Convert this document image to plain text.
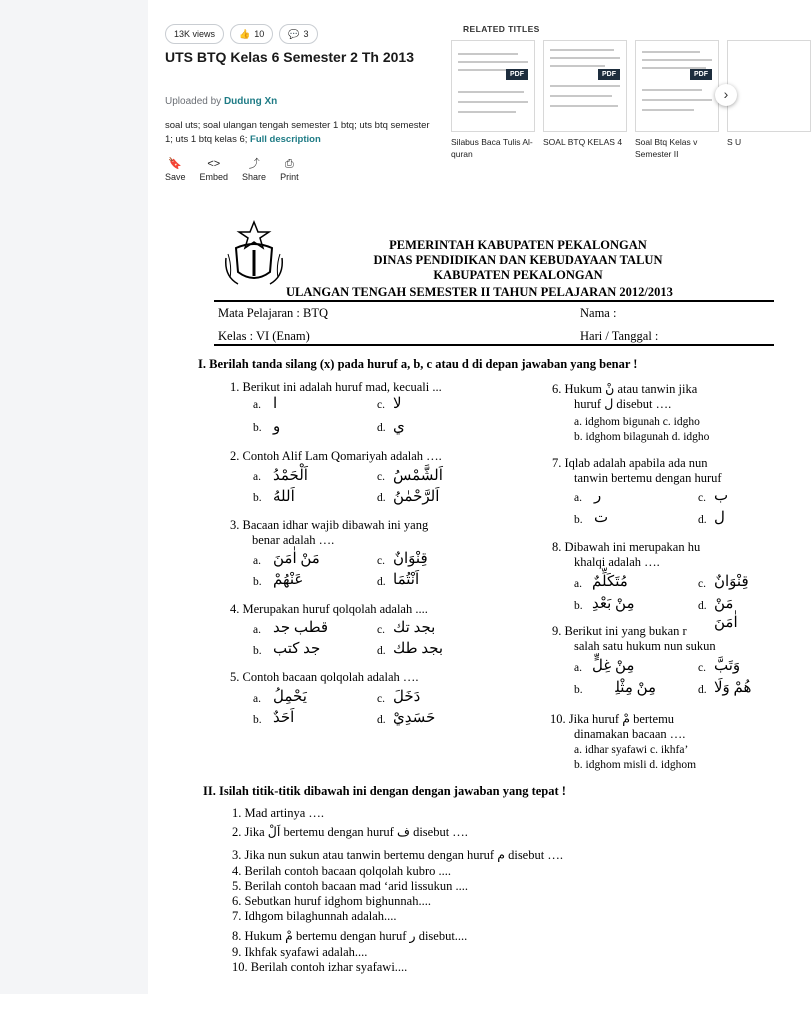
13K views	👍 10	💬 3
UTS BTQ Kelas 6 Semester 2 Th 2013
Uploaded by Dudung Xn
soal uts; soal ulangan tengah semester 1 btq; uts btq semester 1; uts 1 btq kelas 6; Full description
🔖
Save
<>
Embed
⤴
Share
⎙
Print
RELATED TITLES
PDF
Silabus Baca Tulis Al-quran
PDF
SOAL BTQ KELAS 4
PDF
Soal Btq Kelas v Semester II
S U
›
PEMERINTAH KABUPATEN PEKALONGAN
DINAS PENDIDIKAN DAN KEBUDAYAAN TALUN
KABUPATEN PEKALONGAN
ULANGAN TENGAH SEMESTER II TAHUN PELAJARAN 2012/2013
Mata Pelajaran : BTQ	Nama :
Kelas : VI (Enam)	Hari / Tanggal :
I. Berilah tanda silang (x) pada huruf a, b, c atau d di depan jawaban yang benar !
1. Berikut ini adalah huruf mad, kecuali ...
a. ا	c. لا
b. و	d. ي
2. Contoh Alif Lam Qomariyah adalah ….
a. اَلْحَمْدُ	c. اَلشَّمْسُ
b. اَللهُ	d. اَلرَّحْمٰنُ
3. Bacaan idhar wajib dibawah ini yang
benar adalah ….
a. مَنْ اٰمَنَ	c. قِنْوَانٌ
b. عَنْهُمْ	d. اَنْتُمَا
4. Merupakan huruf qolqolah adalah ....
a. قطب جد	c. بجد تك
b. جد كتب	d. بجد طك
5. Contoh bacaan qolqolah adalah ….
a. يَحْمِلُ	c. دَخَلَ
b. اَحَدٌ	d. حَسَدِيْ
6. Hukum نْ atau tanwin jika
huruf ل disebut ….
a. idghom bigunah c. idgho
b. idghom bilagunah d. idgho
7. Iqlab adalah apabila ada nun
tanwin bertemu dengan huruf
a. ر	c. ب
b. ت	d. ل
8. Dibawah ini merupakan hu
khalqi adalah ….
a. مُتَكَلِّمٌ	c. قِنْوَانٌ
b. مِنْ بَعْدِ	d. مَنْ اٰمَنَ
9. Berikut ini yang bukan r
salah satu hukum nun sukun
a. مِنْ غِلٍّ	c. وَتَبَّ
b. مِنْ مِثْلِهٖ	d. هُمْ وَلَا
10. Jika huruf مْ bertemu
dinamakan bacaan ….
a. idhar syafawi c. ikhfa’
b. idghom misli d. idghom
II. Isilah titik-titik dibawah ini dengan dengan jawaban yang tepat !
1. Mad artinya ….
2. Jika اَلْ bertemu dengan huruf ف disebut ….
3. Jika nun sukun atau tanwin bertemu dengan huruf م disebut ….
4. Berilah contoh bacaan qolqolah kubro ....
5. Berilah contoh bacaan mad ‘arid lissukun ....
6. Sebutkan huruf idghom bighunnah....
7. Idhgom bilaghunnah adalah....
8. Hukum مْ bertemu dengan huruf ر disebut....
9. Ikhfak syafawi adalah....
10. Berilah contoh izhar syafawi....
